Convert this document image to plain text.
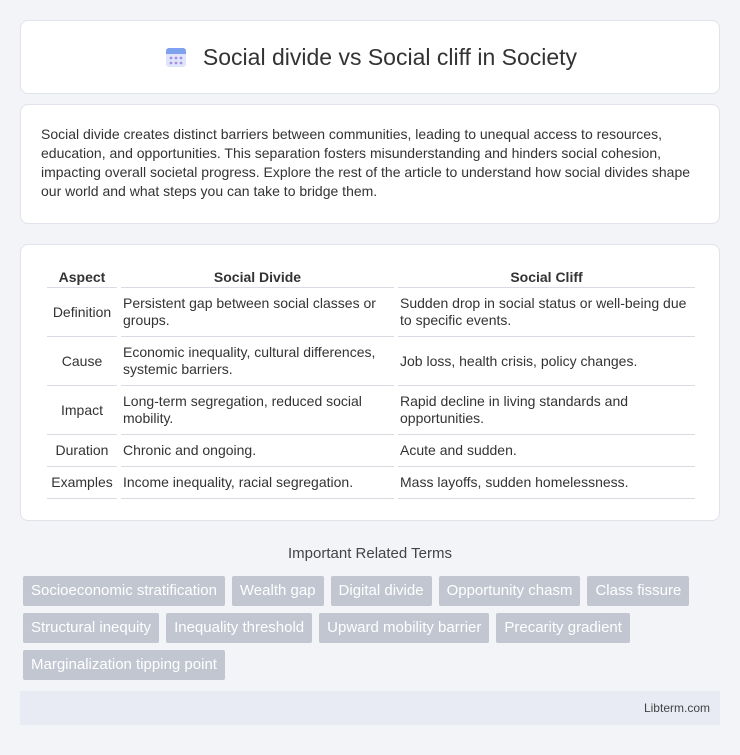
Social divide vs Social cliff in Society

Social divide creates distinct barriers between communities, leading to unequal access to resources, education, and opportunities. This separation fosters misunderstanding and hinders social cohesion, impacting overall societal progress. Explore the rest of the article to understand how social divides shape our world and what steps you can take to bridge them.

Aspect	Social Divide	Social Cliff
Definition	Persistent gap between social classes or groups.	Sudden drop in social status or well-being due to specific events.
Cause	Economic inequality, cultural differences, systemic barriers.	Job loss, health crisis, policy changes.
Impact	Long-term segregation, reduced social mobility.	Rapid decline in living standards and opportunities.
Duration	Chronic and ongoing.	Acute and sudden.
Examples	Income inequality, racial segregation.	Mass layoffs, sudden homelessness.
Important Related Terms
Socioeconomic stratification	Wealth gap	Digital divide	Opportunity chasm	Class fissure
Structural inequity	Inequality threshold	Upward mobility barrier	Precarity gradient
Marginalization tipping point
Libterm.com
